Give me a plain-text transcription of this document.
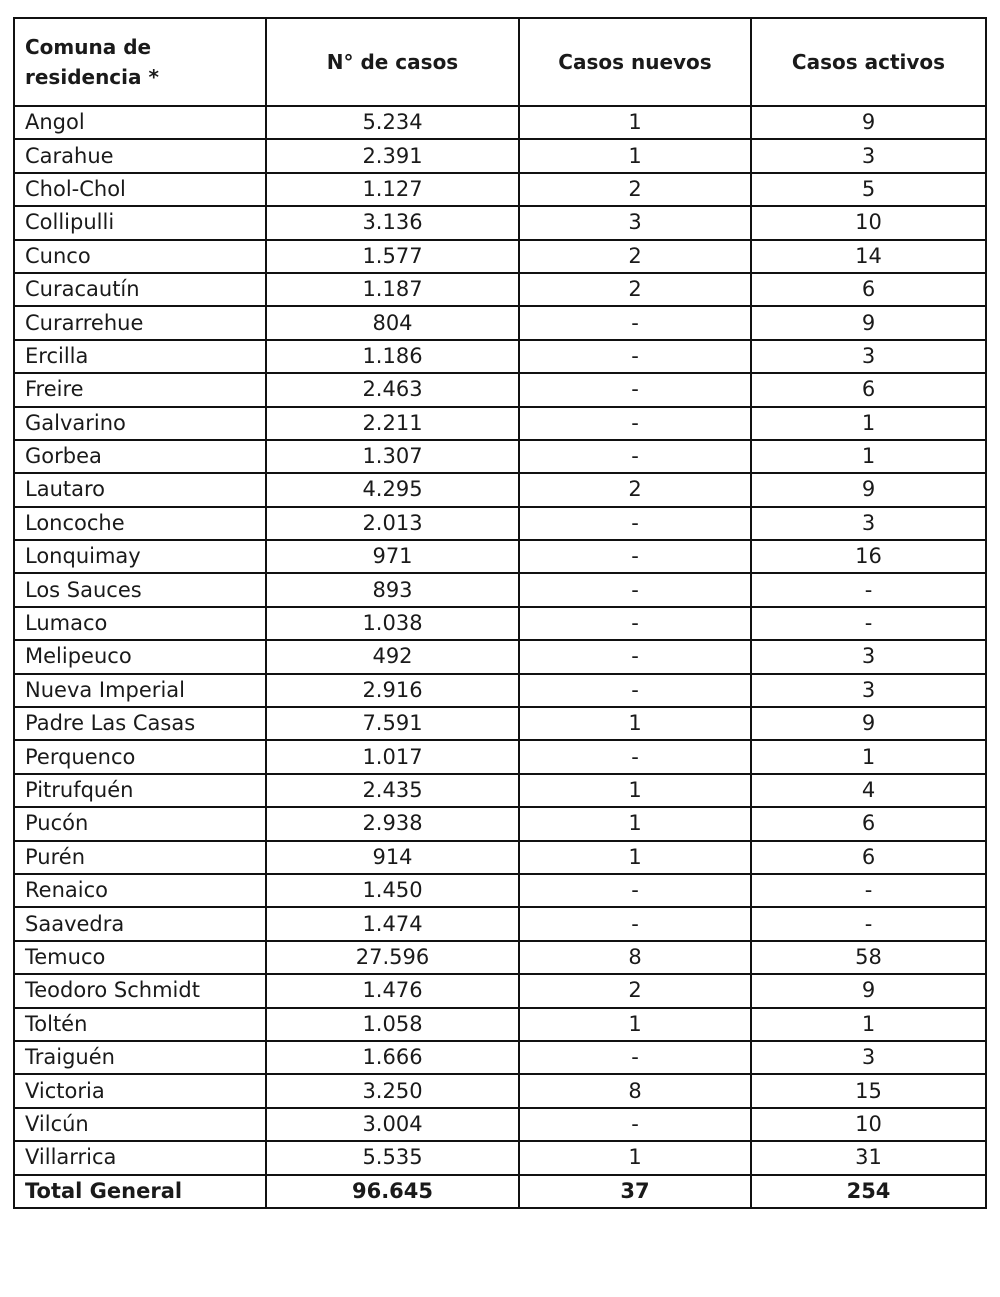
Comuna de residencia *	N° de casos	Casos nuevos	Casos activos
Angol	5.234	1	9
Carahue	2.391	1	3
Chol-Chol	1.127	2	5
Collipulli	3.136	3	10
Cunco	1.577	2	14
Curacautín	1.187	2	6
Curarrehue	804	-	9
Ercilla	1.186	-	3
Freire	2.463	-	6
Galvarino	2.211	-	1
Gorbea	1.307	-	1
Lautaro	4.295	2	9
Loncoche	2.013	-	3
Lonquimay	971	-	16
Los Sauces	893	-	-
Lumaco	1.038	-	-
Melipeuco	492	-	3
Nueva Imperial	2.916	-	3
Padre Las Casas	7.591	1	9
Perquenco	1.017	-	1
Pitrufquén	2.435	1	4
Pucón	2.938	1	6
Purén	914	1	6
Renaico	1.450	-	-
Saavedra	1.474	-	-
Temuco	27.596	8	58
Teodoro Schmidt	1.476	2	9
Toltén	1.058	1	1
Traiguén	1.666	-	3
Victoria	3.250	8	15
Vilcún	3.004	-	10
Villarrica	5.535	1	31
Total General	96.645	37	254
